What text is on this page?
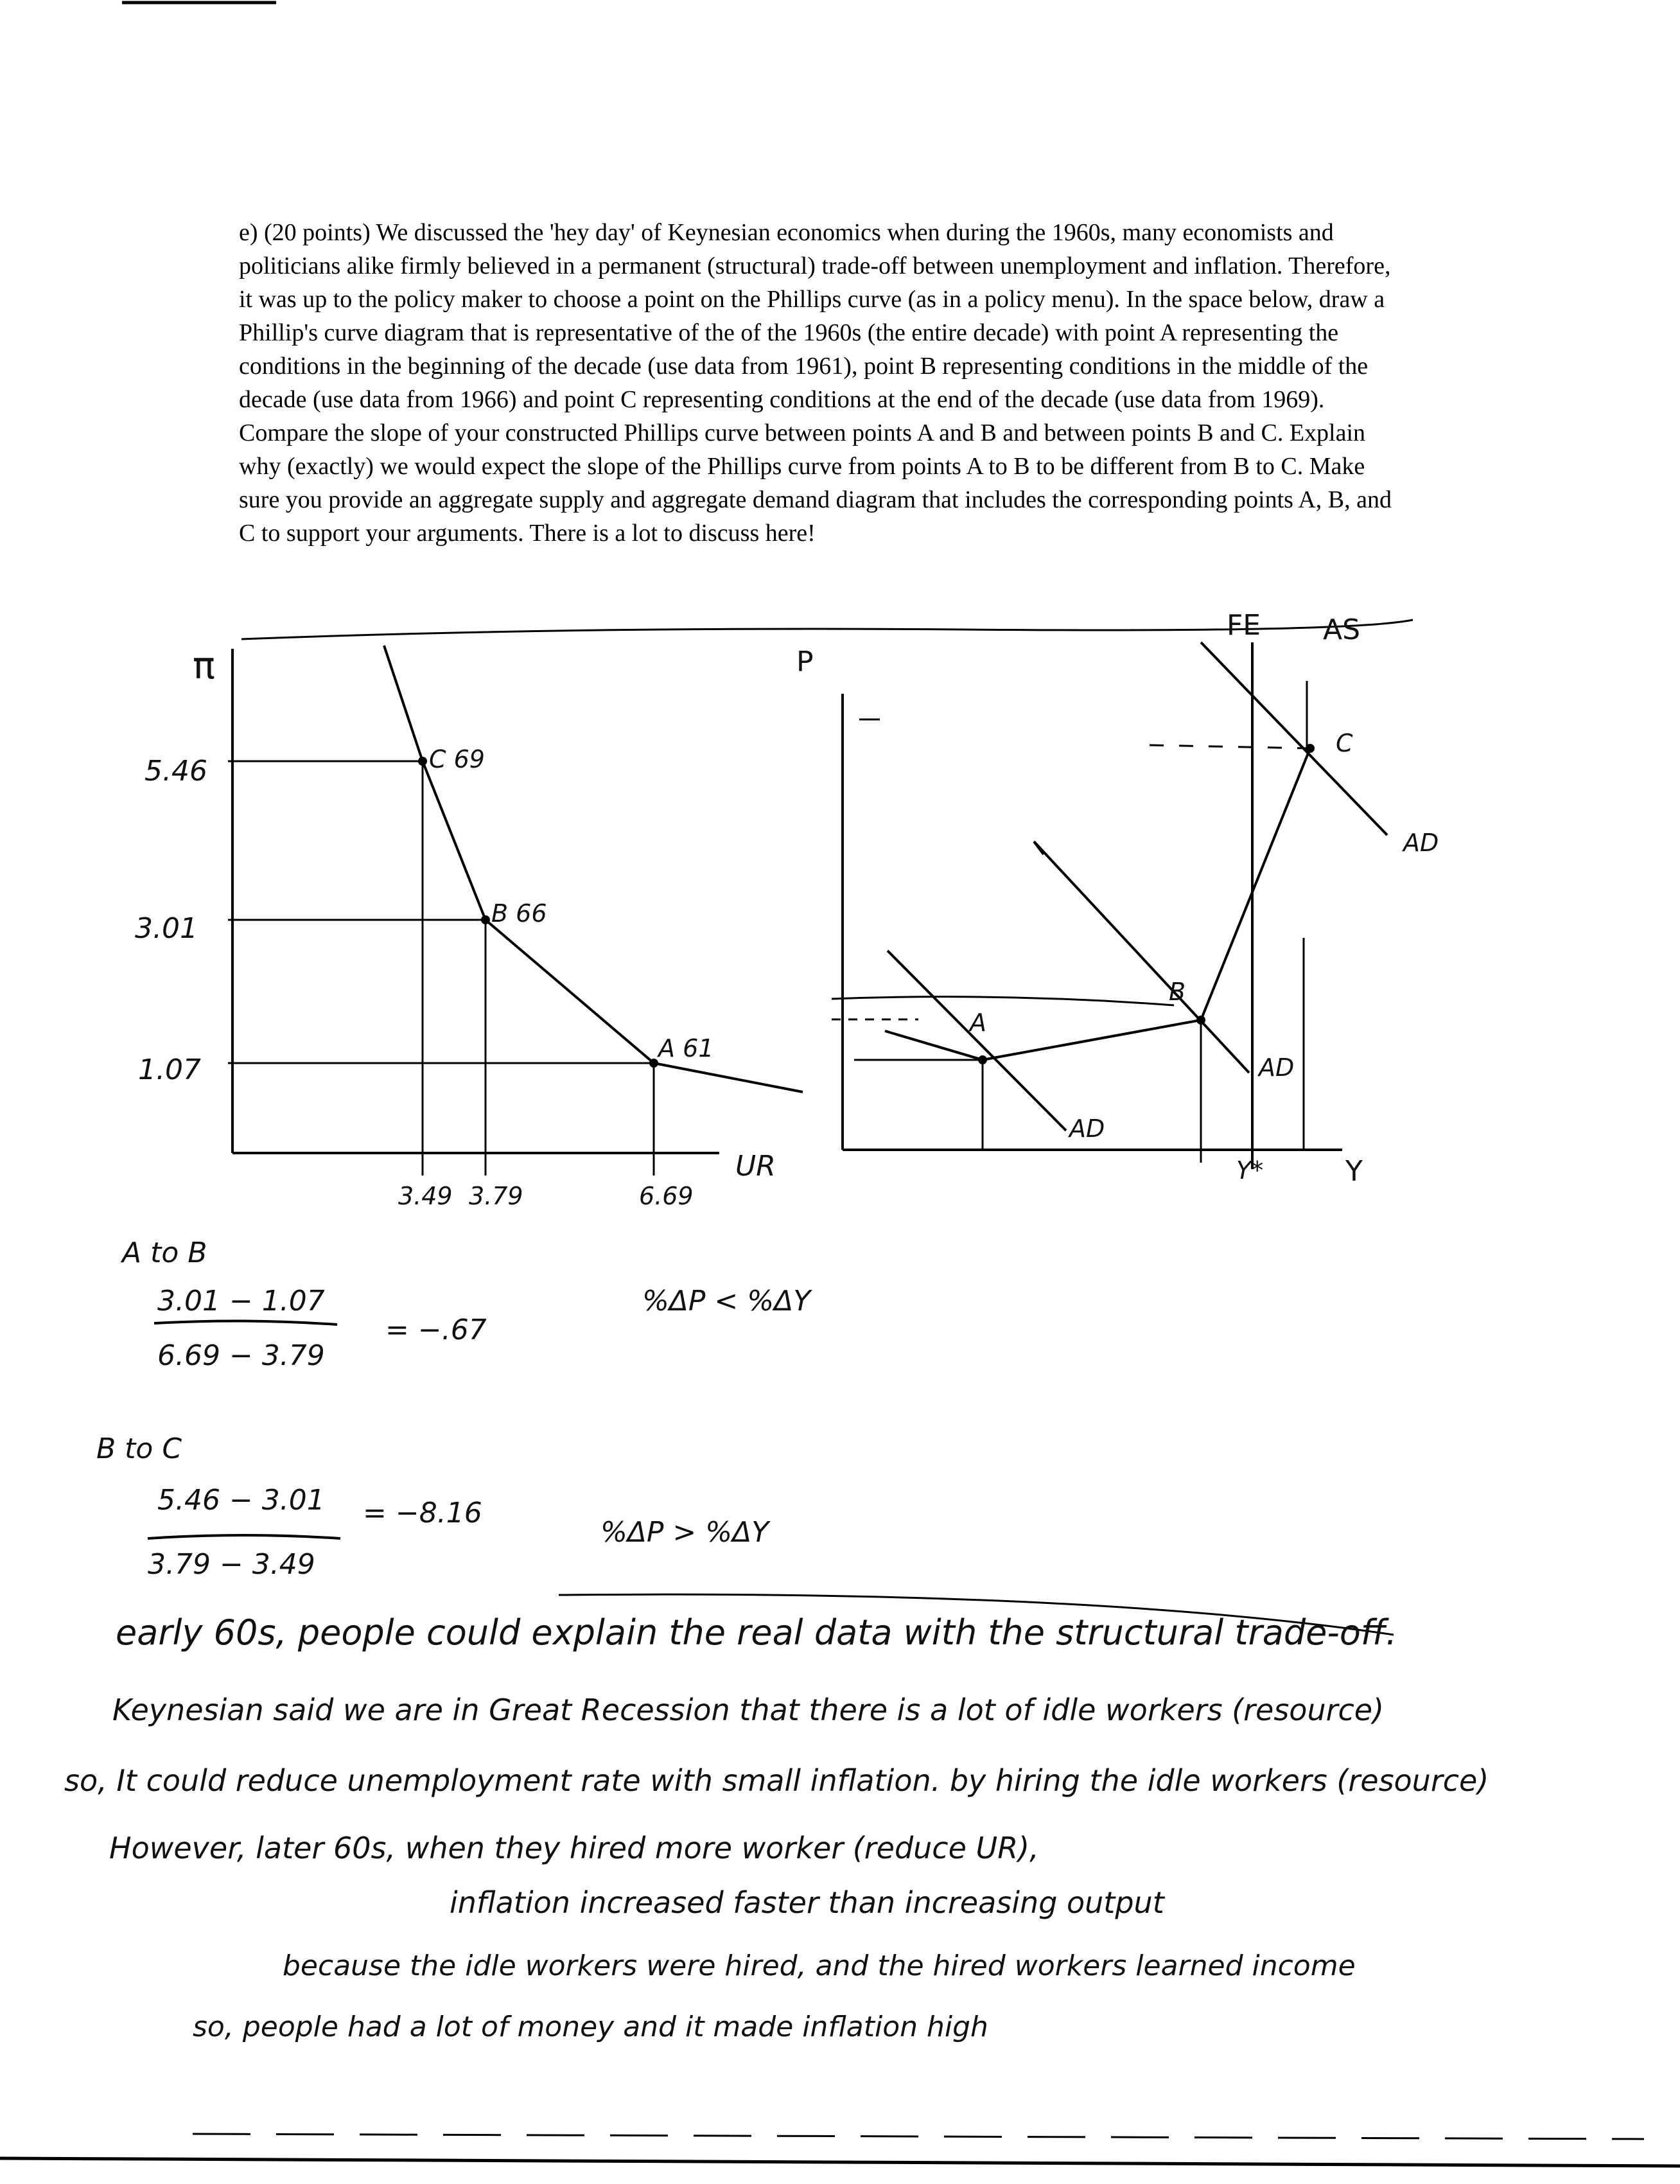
e) (20 points) We discussed the 'hey day' of Keynesian economics when during the 1960s, many economists and politicians alike firmly believed in a permanent (structural) trade-off between unemployment and inflation. Therefore, it was up to the policy maker to choose a point on the Phillips curve (as in a policy menu). In the space below, draw a Phillip's curve diagram that is representative of the of the 1960s (the entire decade) with point A representing the conditions in the beginning of the decade (use data from 1961), point B representing conditions in the middle of the decade (use data from 1966) and point C representing conditions at the end of the decade (use data from 1969). Compare the slope of your constructed Phillips curve between points A and B and between points B and C. Explain why (exactly) we would expect the slope of the Phillips curve from points A to B to be different from B to C. Make sure you provide an aggregate supply and aggregate demand diagram that includes the corresponding points A, B, and C to support your arguments. There is a lot to discuss here!

π
5.46
3.01
1.07
3.49 3.79	6.69
UR
C 69
B 66
A 61
P
Y
FE AS
Y*
AD
AD
AD
A
B
C
A to B
3.01 − 1.07
6.69 − 3.79
= −.67
%ΔP < %ΔY
B to C
5.46 − 3.01
3.79 − 3.49
= −8.16
%ΔP > %ΔY
early 60s, people could explain the real data with the structural trade-off.
Keynesian said we are in Great Recession that there is a lot of idle workers (resource)
so, It could reduce unemployment rate with small inflation. by hiring the idle workers (resource)
However, later 60s, when they hired more worker (reduce UR),
inflation increased faster than increasing output
because the idle workers were hired, and the hired workers learned income
so, people had a lot of money and it made inflation high
